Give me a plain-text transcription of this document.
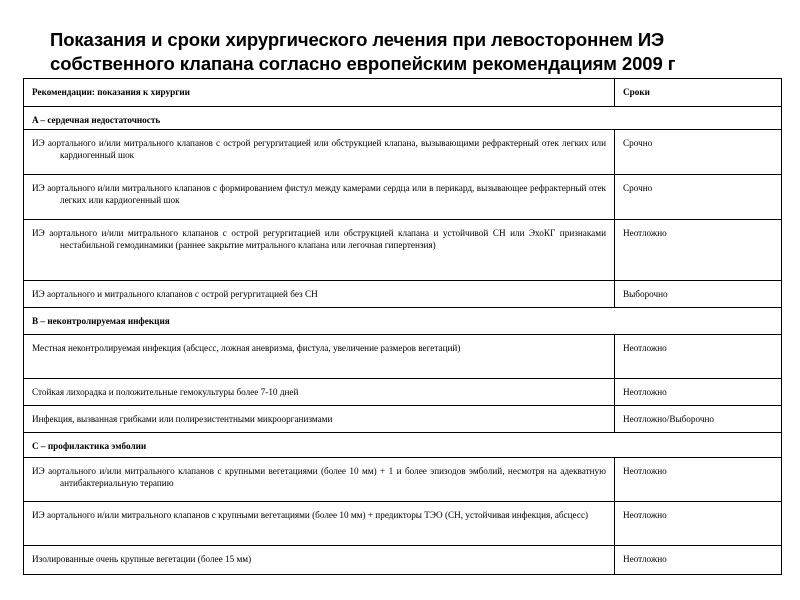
Показания и сроки хирургического лечения при левостороннем ИЭ собственного клапана согласно европейским рекомендациям 2009 г
Рекомендации: показания к хирургии	Сроки

A – сердечная недостаточность	

ИЭ аортального и/или митрального клапанов с острой регургитацией или обструкцией клапана, вызывающими рефрактерный отек легких или кардиогенный шок	Срочно

ИЭ аортального и/или митрального клапанов с формированием фистул между камерами сердца или в перикард, вызывающее рефрактерный отек легких или кардиогенный шок	Срочно

ИЭ аортального и/или митрального клапанов с острой регургитацией или обструкцией клапана и устойчивой СН или ЭхоКГ признаками нестабильной гемодинамики (раннее закрытие митрального клапана или легочная гипертензия)	Неотложно

ИЭ аортального и митрального клапанов с острой регургитацией без СН	Выборочно

B – неконтролируемая инфекция	

Местная неконтролируемая инфекция (абсцесс, ложная аневризма, фистула, увеличение размеров вегетаций)	Неотложно

Стойкая лихорадка и положительные гемокультуры более 7-10 дней	Неотложно

Инфекция, вызванная грибками или полирезистентными микроорганизмами	Неотложно/Выборочно

С – профилактика эмболии	

ИЭ аортального и/или митрального клапанов с крупными вегетациями (более 10 мм) + 1 и более эпизодов эмболий, несмотря на адекватную антибактериальную терапию	Неотложно

ИЭ аортального и/или митрального клапанов с крупными вегетациями (более 10 мм) + предикторы ТЭО (СН, устойчивая инфекция, абсцесс)	Неотложно

Изолированные очень крупные вегетации (более 15 мм)	Неотложно
